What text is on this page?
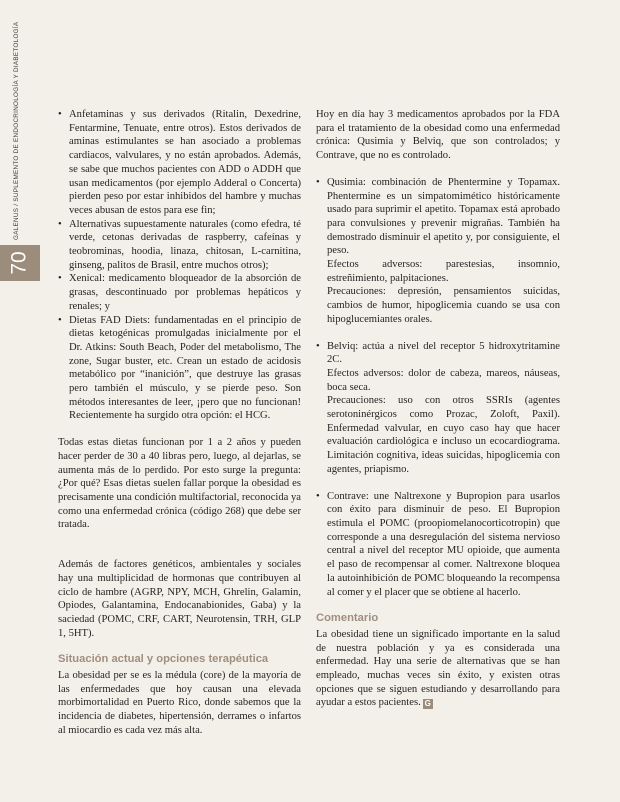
GALENUS / SUPLEMENTO DE ENDOCRINOLOGÍA Y DIABETOLOGÍA
70
• Anfetaminas y sus derivados (Ritalin, Dexedrine, Fentarmine, Tenuate, entre otros). Estos derivados de aminas estimulantes se han asociado a problemas cardiacos, valvulares, y no están aprobados. Además, se sabe que muchos pacientes con ADD o ADDH que usan medicamentos (por ejemplo Adderal o Concerta) pierden peso por estar inhibidos del hambre y muchas veces abusan de estos para ese fin;
• Alternativas supuestamente naturales (como efedra, té verde, cetonas derivadas de raspberry, cafeínas y teobrominas, hoodia, linaza, chitosan, L-carnitina, ginseng, palitos de Brasil, entre muchos otros);
• Xenical: medicamento bloqueador de la absorción de grasas, descontinuado por problemas hepáticos y renales; y
• Dietas FAD Diets: fundamentadas en el principio de dietas ketogénicas promulgadas inicialmente por el Dr. Atkins: South Beach, Poder del metabolismo, The zone, Sugar buster, etc. Crean un estado de acidosis metabólico por “inanición”, que destruye las grasas pero también el músculo, y se pierde peso. Son métodos interesantes de leer, ¡pero que no funcionan! Recientemente ha surgido otra opción: el HCG.

Todas estas dietas funcionan por 1 a 2 años y pueden hacer perder de 30 a 40 libras pero, luego, al dejarlas, se aumenta más de lo perdido. Por esto surge la pregunta: ¿Por qué? Esas dietas suelen fallar porque la obesidad es precisamente una condición multifactorial, reconocida ya como una enfermedad crónica (código 268) que debe ser tratada.

Además de factores genéticos, ambientales y sociales hay una multiplicidad de hormonas que contribuyen al ciclo de hambre (AGRP, NPY, MCH, Ghrelin, Galamin, Opiodes, Galantamina, Endocanabionides, Gaba) y la saciedad (POMC, CRF, CART, Neurotensin, TRH, GLP 1, 5HT).

Situación actual y opciones terapéutica

La obesidad per se es la médula (core) de la mayoría de las enfermedades que hoy causan una elevada morbimortalidad en Puerto Rico, donde sabemos que la incidencia de diabetes, hipertensión, derrames o infartos al miocardio es cada vez más alta.

Hoy en día hay 3 medicamentos aprobados por la FDA para el tratamiento de la obesidad como una enfermedad crónica: Qusimia y Belviq, que son controlados; y Contrave, que no es controlado.

• Qusimia: combinación de Phentermine y Topamax. Phentermine es un simpatomimético históricamente usado para suprimir el apetito. Topamax está aprobado para convulsiones y prevenir migrañas. También ha demostrado disminuir el apetito y, por consiguiente, el peso.

Efectos adversos: parestesias, insomnio, estreñimiento, palpitaciones.

Precauciones: depresión, pensamientos suicidas, cambios de humor, hipoglicemia cuando se usa con hipoglucemiantes orales.

• Belviq: actúa a nivel del receptor 5 hidroxytritamine 2C.

Efectos adversos: dolor de cabeza, mareos, náuseas, boca seca.

Precauciones: uso con otros SSRIs (agentes serotoninérgicos como Prozac, Zoloft, Paxil). Enfermedad valvular, en cuyo caso hay que hacer evaluación cardiológica e incluso un ecocardiograma. Limitación cognitiva, ideas suicidas, hipoglicemia con agentes, priapismo.

• Contrave: une Naltrexone y Bupropion para usarlos con éxito para disminuir de peso. El Bupropion estimula el POMC (proopiomelanocorticotropin) que corresponde a una desregulación del sistema nervioso central a nivel del receptor MU opioide, que aumenta el paso de recompensar al comer. Naltrexone bloquea la autoinhibición de POMC bloqueando la recompensa al comer y el placer que se obtiene al hacerlo.

Comentario

La obesidad tiene un significado importante en la salud de nuestra población y ya es considerada una enfermedad. Hay una serie de alternativas que se han empleado, muchas veces sin éxito, y existen otras opciones que se siguen estudiando y desarrollando para ayudar a estos pacientes. G
